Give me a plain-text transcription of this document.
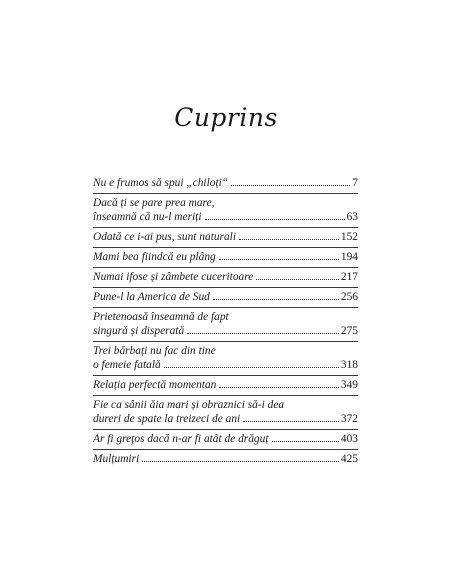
Cuprins
Nu e frumos să spui „chiloți“	7
Dacă ți se pare prea mare,
înseamnă că nu-l meriți	63
Odată ce i-ai pus, sunt naturali	152
Mami bea fiindcă eu plâng	194
Numai ifose și zâmbete cuceritoare	217
Pune-l la America de Sud	256
Prietenoasă înseamnă de fapt
singură și disperată	275
Trei bărbați nu fac din tine
o femeie fatală	318
Relația perfectă momentan	349
Fie ca sânii ăia mari și obraznici să-i dea
dureri de spate la treizeci de ani	372
Ar fi greţos dacă n-ar fi atât de drăguț	403
Mulțumiri	425
